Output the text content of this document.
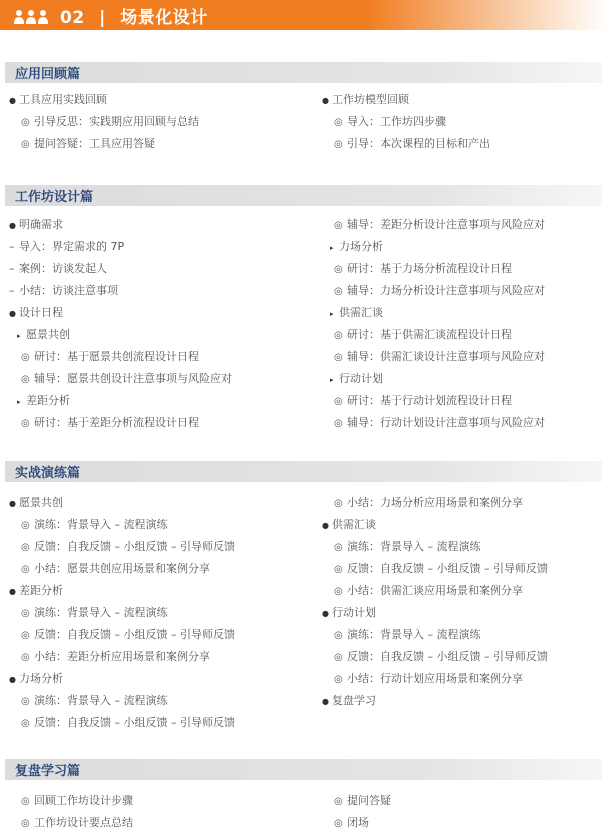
02 | 场景化设计
应用回顾篇
● 工具应用实践回顾
◎ 引导反思：实践期应用回顾与总结
◎ 提问答疑：工具应用答疑
● 工作坊模型回顾
◎ 导入：工作坊四步骤
◎ 引导：本次课程的目标和产出
工作坊设计篇
● 明确需求
– 导入：界定需求的 7P
– 案例：访谈发起人
– 小结：访谈注意事项
● 设计日程
▸ 愿景共创
◎ 研讨：基于愿景共创流程设计日程
◎ 辅导：愿景共创设计注意事项与风险应对
▸ 差距分析
◎ 研讨：基于差距分析流程设计日程
◎ 辅导：差距分析设计注意事项与风险应对
▸ 力场分析
◎ 研讨：基于力场分析流程设计日程
◎ 辅导：力场分析设计注意事项与风险应对
▸ 供需汇谈
◎ 研讨：基于供需汇谈流程设计日程
◎ 辅导：供需汇谈设计注意事项与风险应对
▸ 行动计划
◎ 研讨：基于行动计划流程设计日程
◎ 辅导：行动计划设计注意事项与风险应对
实战演练篇
● 愿景共创
◎ 演练：背景导入 – 流程演练
◎ 反馈：自我反馈 – 小组反馈 – 引导师反馈
◎ 小结：愿景共创应用场景和案例分享
● 差距分析
◎ 演练：背景导入 – 流程演练
◎ 反馈：自我反馈 – 小组反馈 – 引导师反馈
◎ 小结：差距分析应用场景和案例分享
● 力场分析
◎ 演练：背景导入 – 流程演练
◎ 反馈：自我反馈 – 小组反馈 – 引导师反馈
◎ 小结：力场分析应用场景和案例分享
● 供需汇谈
◎ 演练：背景导入 – 流程演练
◎ 反馈：自我反馈 – 小组反馈 – 引导师反馈
◎ 小结：供需汇谈应用场景和案例分享
● 行动计划
◎ 演练：背景导入 – 流程演练
◎ 反馈：自我反馈 – 小组反馈 – 引导师反馈
◎ 小结：行动计划应用场景和案例分享
● 复盘学习
复盘学习篇
◎ 回顾工作坊设计步骤
◎ 工作坊设计要点总结
◎ 提问答疑
◎ 闭场
